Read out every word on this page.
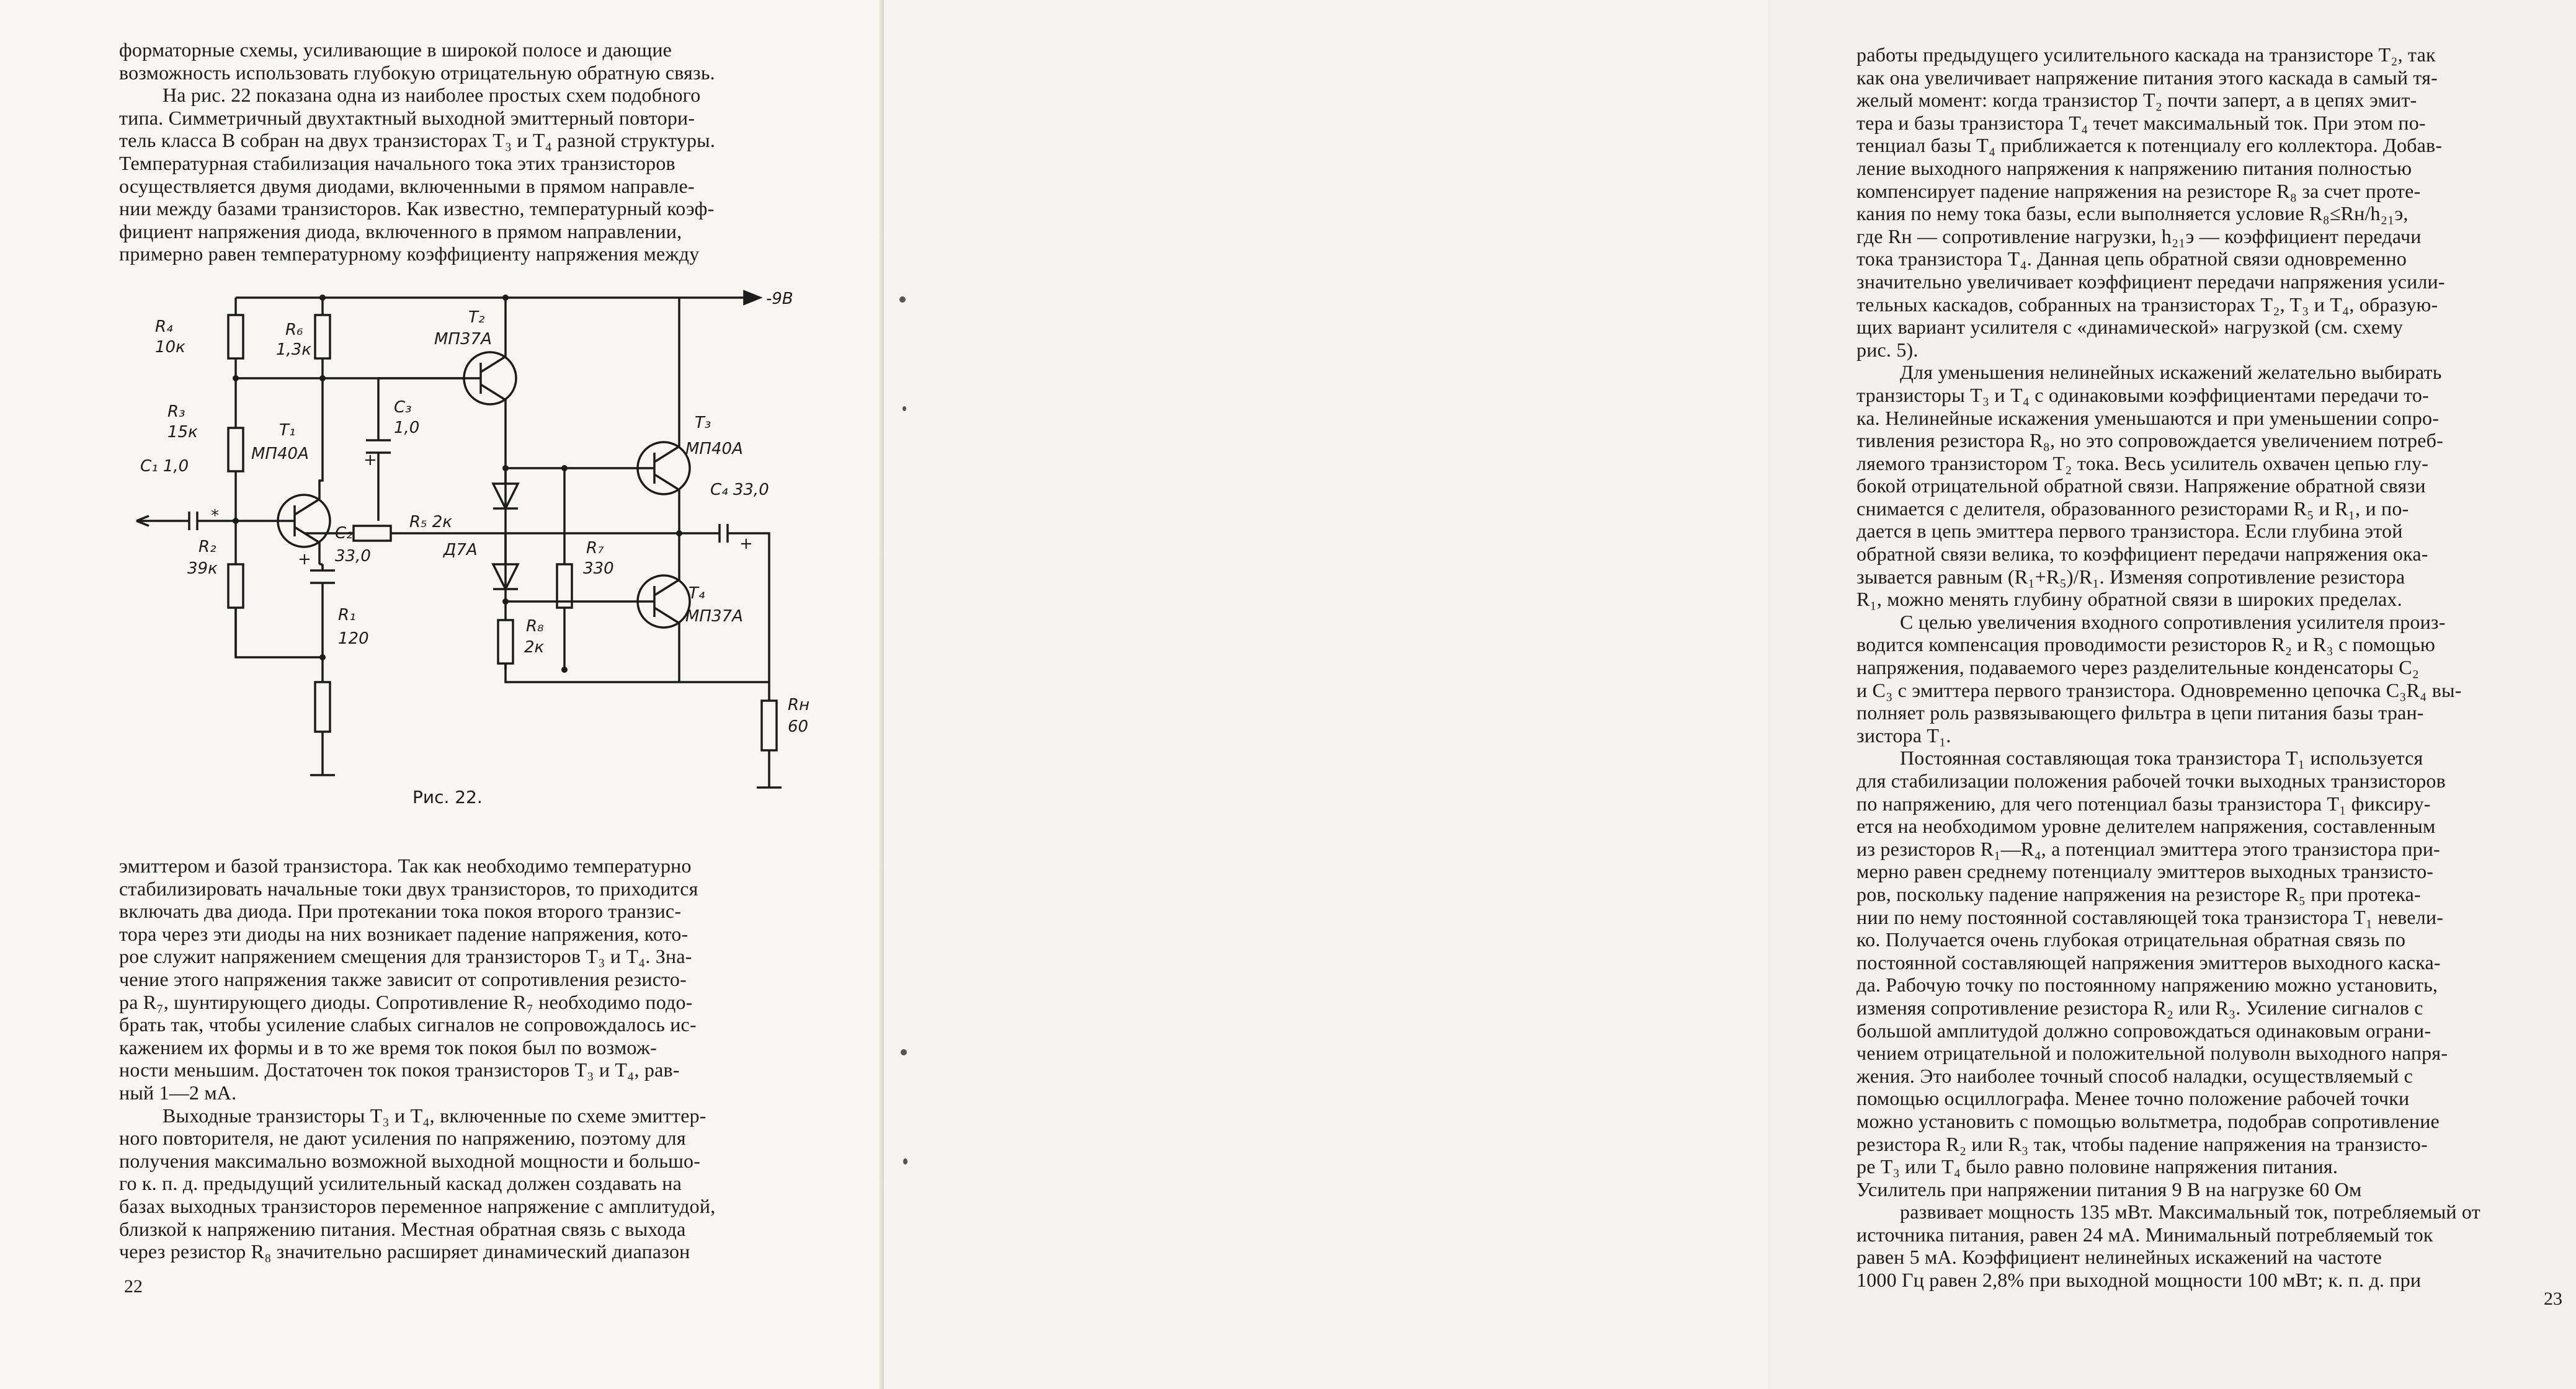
форматорные схемы, усиливающие в широкой полосе и дающие

возможность использовать глубокую отрицательную обратную связь.

На рис. 22 показана одна из наиболее простых схем подобного

типа. Симметричный двухтактный выходной эмиттерный повтори-

тель класса В собран на двух транзисторах T₃ и T₄ разной структуры.

Температурная стабилизация начального тока этих транзисторов

осуществляется двумя диодами, включенными в прямом направле-

нии между базами транзисторов. Как известно, температурный коэф-

фициент напряжения диода, включенного в прямом направлении,

примерно равен температурному коэффициенту напряжения между

R₄
10к
R₆
1,3к
R₃
15к	T₁
МП40А
C₁ 1,0
*
R₂
39к
C₃
1,0
+
T₂
МП37А
-9В
T₃
МП40А
R₅ 2к
C₄ 33,0
+
C₂
33,0
+	Д7А	R₇
330
T₄
МП37А
R₁
120
R₈
2к
Rн
60
Рис. 22.

эмиттером и базой транзистора. Так как необходимо температурно

стабилизировать начальные токи двух транзисторов, то приходится

включать два диода. При протекании тока покоя второго транзис-

тора через эти диоды на них возникает падение напряжения, кото-

рое служит напряжением смещения для транзисторов T₃ и T₄. Зна-

чение этого напряжения также зависит от сопротивления резисто-

ра R₇, шунтирующего диоды. Сопротивление R₇ необходимо подо-

брать так, чтобы усиление слабых сигналов не сопровождалось ис-

кажением их формы и в то же время ток покоя был по возмож-

ности меньшим. Достаточен ток покоя транзисторов T₃ и T₄, рав-

ный 1—2 мА.

Выходные транзисторы T₃ и T₄, включенные по схеме эмиттер-

ного повторителя, не дают усиления по напряжению, поэтому для

получения максимально возможной выходной мощности и большо-

го к. п. д. предыдущий усилительный каскад должен создавать на

базах выходных транзисторов переменное напряжение с амплитудой,

близкой к напряжению питания. Местная обратная связь с выхода

через резистор R₈ значительно расширяет динамический диапазон

22

работы предыдущего усилительного каскада на транзисторе T₂, так

как она увеличивает напряжение питания этого каскада в самый тя-

желый момент: когда транзистор T₂ почти заперт, а в цепях эмит-

тера и базы транзистора T₄ течет максимальный ток. При этом по-

тенциал базы T₄ приближается к потенциалу его коллектора. Добав-

ление выходного напряжения к напряжению питания полностью

компенсирует падение напряжения на резисторе R₈ за счет проте-

кания по нему тока базы, если выполняется условие R₈≤Rн/h₂₁э,

где Rн — сопротивление нагрузки, h₂₁э — коэффициент передачи

тока транзистора T₄. Данная цепь обратной связи одновременно

значительно увеличивает коэффициент передачи напряжения усили-

тельных каскадов, собранных на транзисторах T₂, T₃ и T₄, образую-

щих вариант усилителя с «динамической» нагрузкой (см. схему

рис. 5).

Для уменьшения нелинейных искажений желательно выбирать

транзисторы T₃ и T₄ с одинаковыми коэффициентами передачи то-

ка. Нелинейные искажения уменьшаются и при уменьшении сопро-

тивления резистора R₈, но это сопровождается увеличением потреб-

ляемого транзистором T₂ тока. Весь усилитель охвачен цепью глу-

бокой отрицательной обратной связи. Напряжение обратной связи

снимается с делителя, образованного резисторами R₅ и R₁, и по-

дается в цепь эмиттера первого транзистора. Если глубина этой

обратной связи велика, то коэффициент передачи напряжения ока-

зывается равным (R₁+R₅)/R₁. Изменяя сопротивление резистора

R₁, можно менять глубину обратной связи в широких пределах.

С целью увеличения входного сопротивления усилителя произ-

водится компенсация проводимости резисторов R₂ и R₃ с помощью

напряжения, подаваемого через разделительные конденсаторы C₂

и C₃ с эмиттера первого транзистора. Одновременно цепочка C₃R₄ вы-

полняет роль развязывающего фильтра в цепи питания базы тран-

зистора T₁.

Постоянная составляющая тока транзистора T₁ используется

для стабилизации положения рабочей точки выходных транзисторов

по напряжению, для чего потенциал базы транзистора T₁ фиксиру-

ется на необходимом уровне делителем напряжения, составленным

из резисторов R₁—R₄, а потенциал эмиттера этого транзистора при-

мерно равен среднему потенциалу эмиттеров выходных транзисто-

ров, поскольку падение напряжения на резисторе R₅ при протека-

нии по нему постоянной составляющей тока транзистора T₁ невели-

ко. Получается очень глубокая отрицательная обратная связь по

постоянной составляющей напряжения эмиттеров выходного каска-

да. Рабочую точку по постоянному напряжению можно установить,

изменяя сопротивление резистора R₂ или R₃. Усиление сигналов с

большой амплитудой должно сопровождаться одинаковым ограни-

чением отрицательной и положительной полуволн выходного напря-

жения. Это наиболее точный способ наладки, осуществляемый с

помощью осциллографа. Менее точно положение рабочей точки

можно установить с помощью вольтметра, подобрав сопротивление

резистора R₂ или R₃ так, чтобы падение напряжения на транзисто-

ре T₃ или T₄ было равно половине напряжения питания.

Усилитель при напряжении питания 9 В на нагрузке 60 Ом

развивает мощность 135 мВт. Максимальный ток, потребляемый от

источника питания, равен 24 мА. Минимальный потребляемый ток

равен 5 мА. Коэффициент нелинейных искажений на частоте

1000 Гц равен 2,8% при выходной мощности 100 мВт; к. п. д. при

23
